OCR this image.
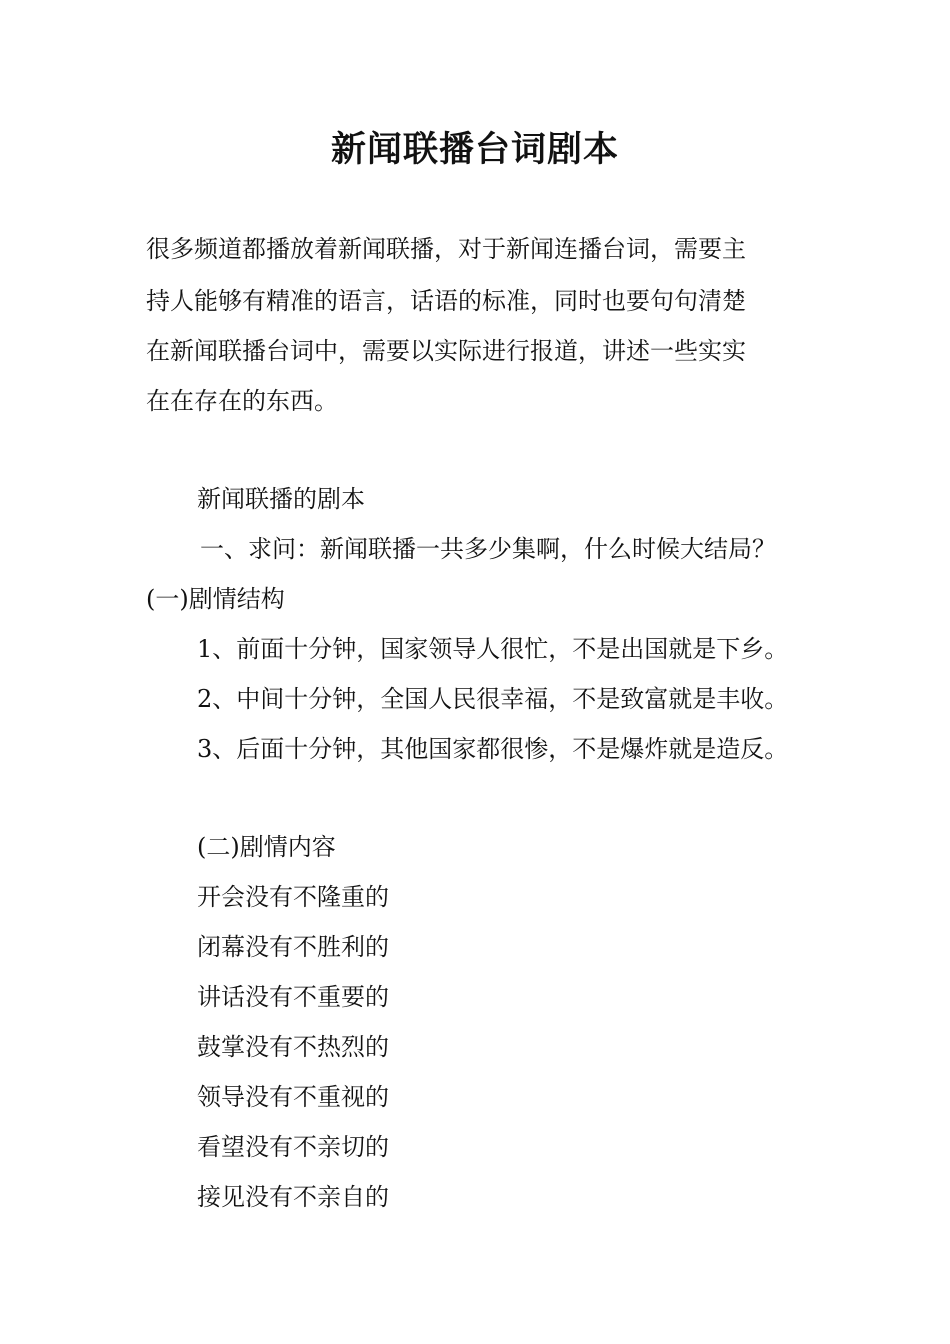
新闻联播台词剧本

很多频道都播放着新闻联播，对于新闻连播台词，需要主

持人能够有精准的语言，话语的标准，同时也要句句清楚

在新闻联播台词中，需要以实际进行报道，讲述一些实实

在在存在的东西。

新闻联播的剧本

一、求问：新闻联播一共多少集啊，什么时候大结局？

(一)剧情结构

1、前面十分钟，国家领导人很忙，不是出国就是下乡。

2、中间十分钟，全国人民很幸福，不是致富就是丰收。

3、后面十分钟，其他国家都很惨，不是爆炸就是造反。

(二)剧情内容

开会没有不隆重的

闭幕没有不胜利的

讲话没有不重要的

鼓掌没有不热烈的

领导没有不重视的

看望没有不亲切的

接见没有不亲自的
